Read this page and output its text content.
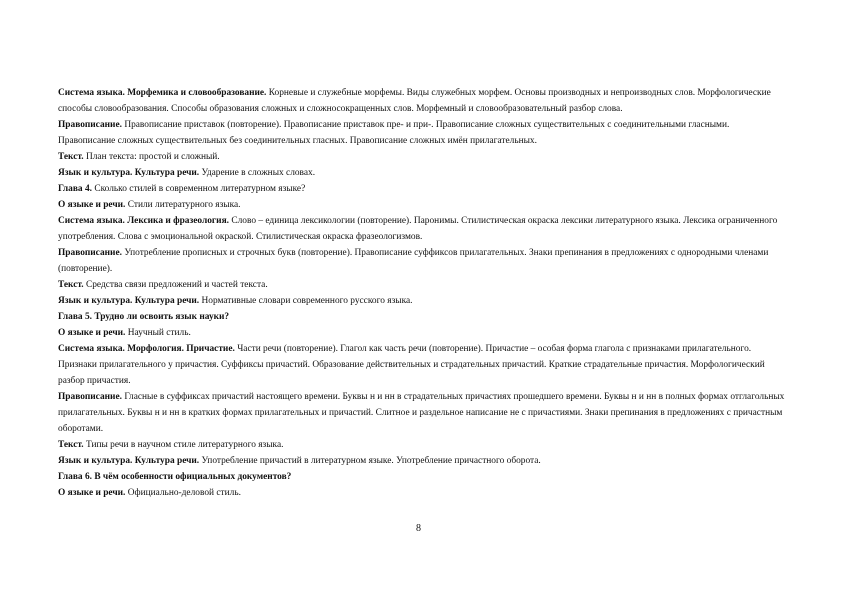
Система языка. Морфемика и словообразование. Корневые и служебные морфемы. Виды служебных морфем. Основы производных и непроизводных слов. Морфологические способы словообразования. Способы образования сложных и сложносокращенных слов. Морфемный и словообразовательный разбор слова.

Правописание. Правописание приставок (повторение). Правописание приставок пре- и при-. Правописание сложных существительных с соединительными гласными. Правописание сложных существительных без соединительных гласных. Правописание сложных имён прилагательных.

Текст. План текста: простой и сложный.

Язык и культура. Культура речи. Ударение в сложных словах.

Глава 4. Сколько стилей в современном литературном языке?

О языке и речи. Стили литературного языка.

Система языка. Лексика и фразеология. Слово – единица лексикологии (повторение). Паронимы. Стилистическая окраска лексики литературного языка. Лексика ограниченного употребления. Слова с эмоциональной окраской. Стилистическая окраска фразеологизмов.

Правописание. Употребление прописных и строчных букв (повторение). Правописание суффиксов прилагательных. Знаки препинания в предложениях с однородными членами (повторение).

Текст. Средства связи предложений и частей текста.

Язык и культура. Культура речи. Нормативные словари современного русского языка.

Глава 5. Трудно ли освоить язык науки?

О языке и речи. Научный стиль.

Система языка. Морфология. Причастие. Части речи (повторение). Глагол как часть речи (повторение). Причастие – особая форма глагола с признаками прилагательного. Признаки прилагательного у причастия. Суффиксы причастий. Образование действительных и страдательных причастий. Краткие страдательные причастия. Морфологический разбор причастия.

Правописание. Гласные в суффиксах причастий настоящего времени. Буквы н и нн в страдательных причастиях прошедшего времени. Буквы н и нн в полных формах отглагольных прилагательных. Буквы н и нн в кратких формах прилагательных и причастий. Слитное и раздельное написание не с причастиями. Знаки препинания в предложениях с причастным оборотами.

Текст. Типы речи в научном стиле литературного языка.

Язык и культура. Культура речи. Употребление причастий в литературном языке. Употребление причастного оборота.

Глава 6. В чём особенности официальных документов?

О языке и речи. Официально-деловой стиль.

8
